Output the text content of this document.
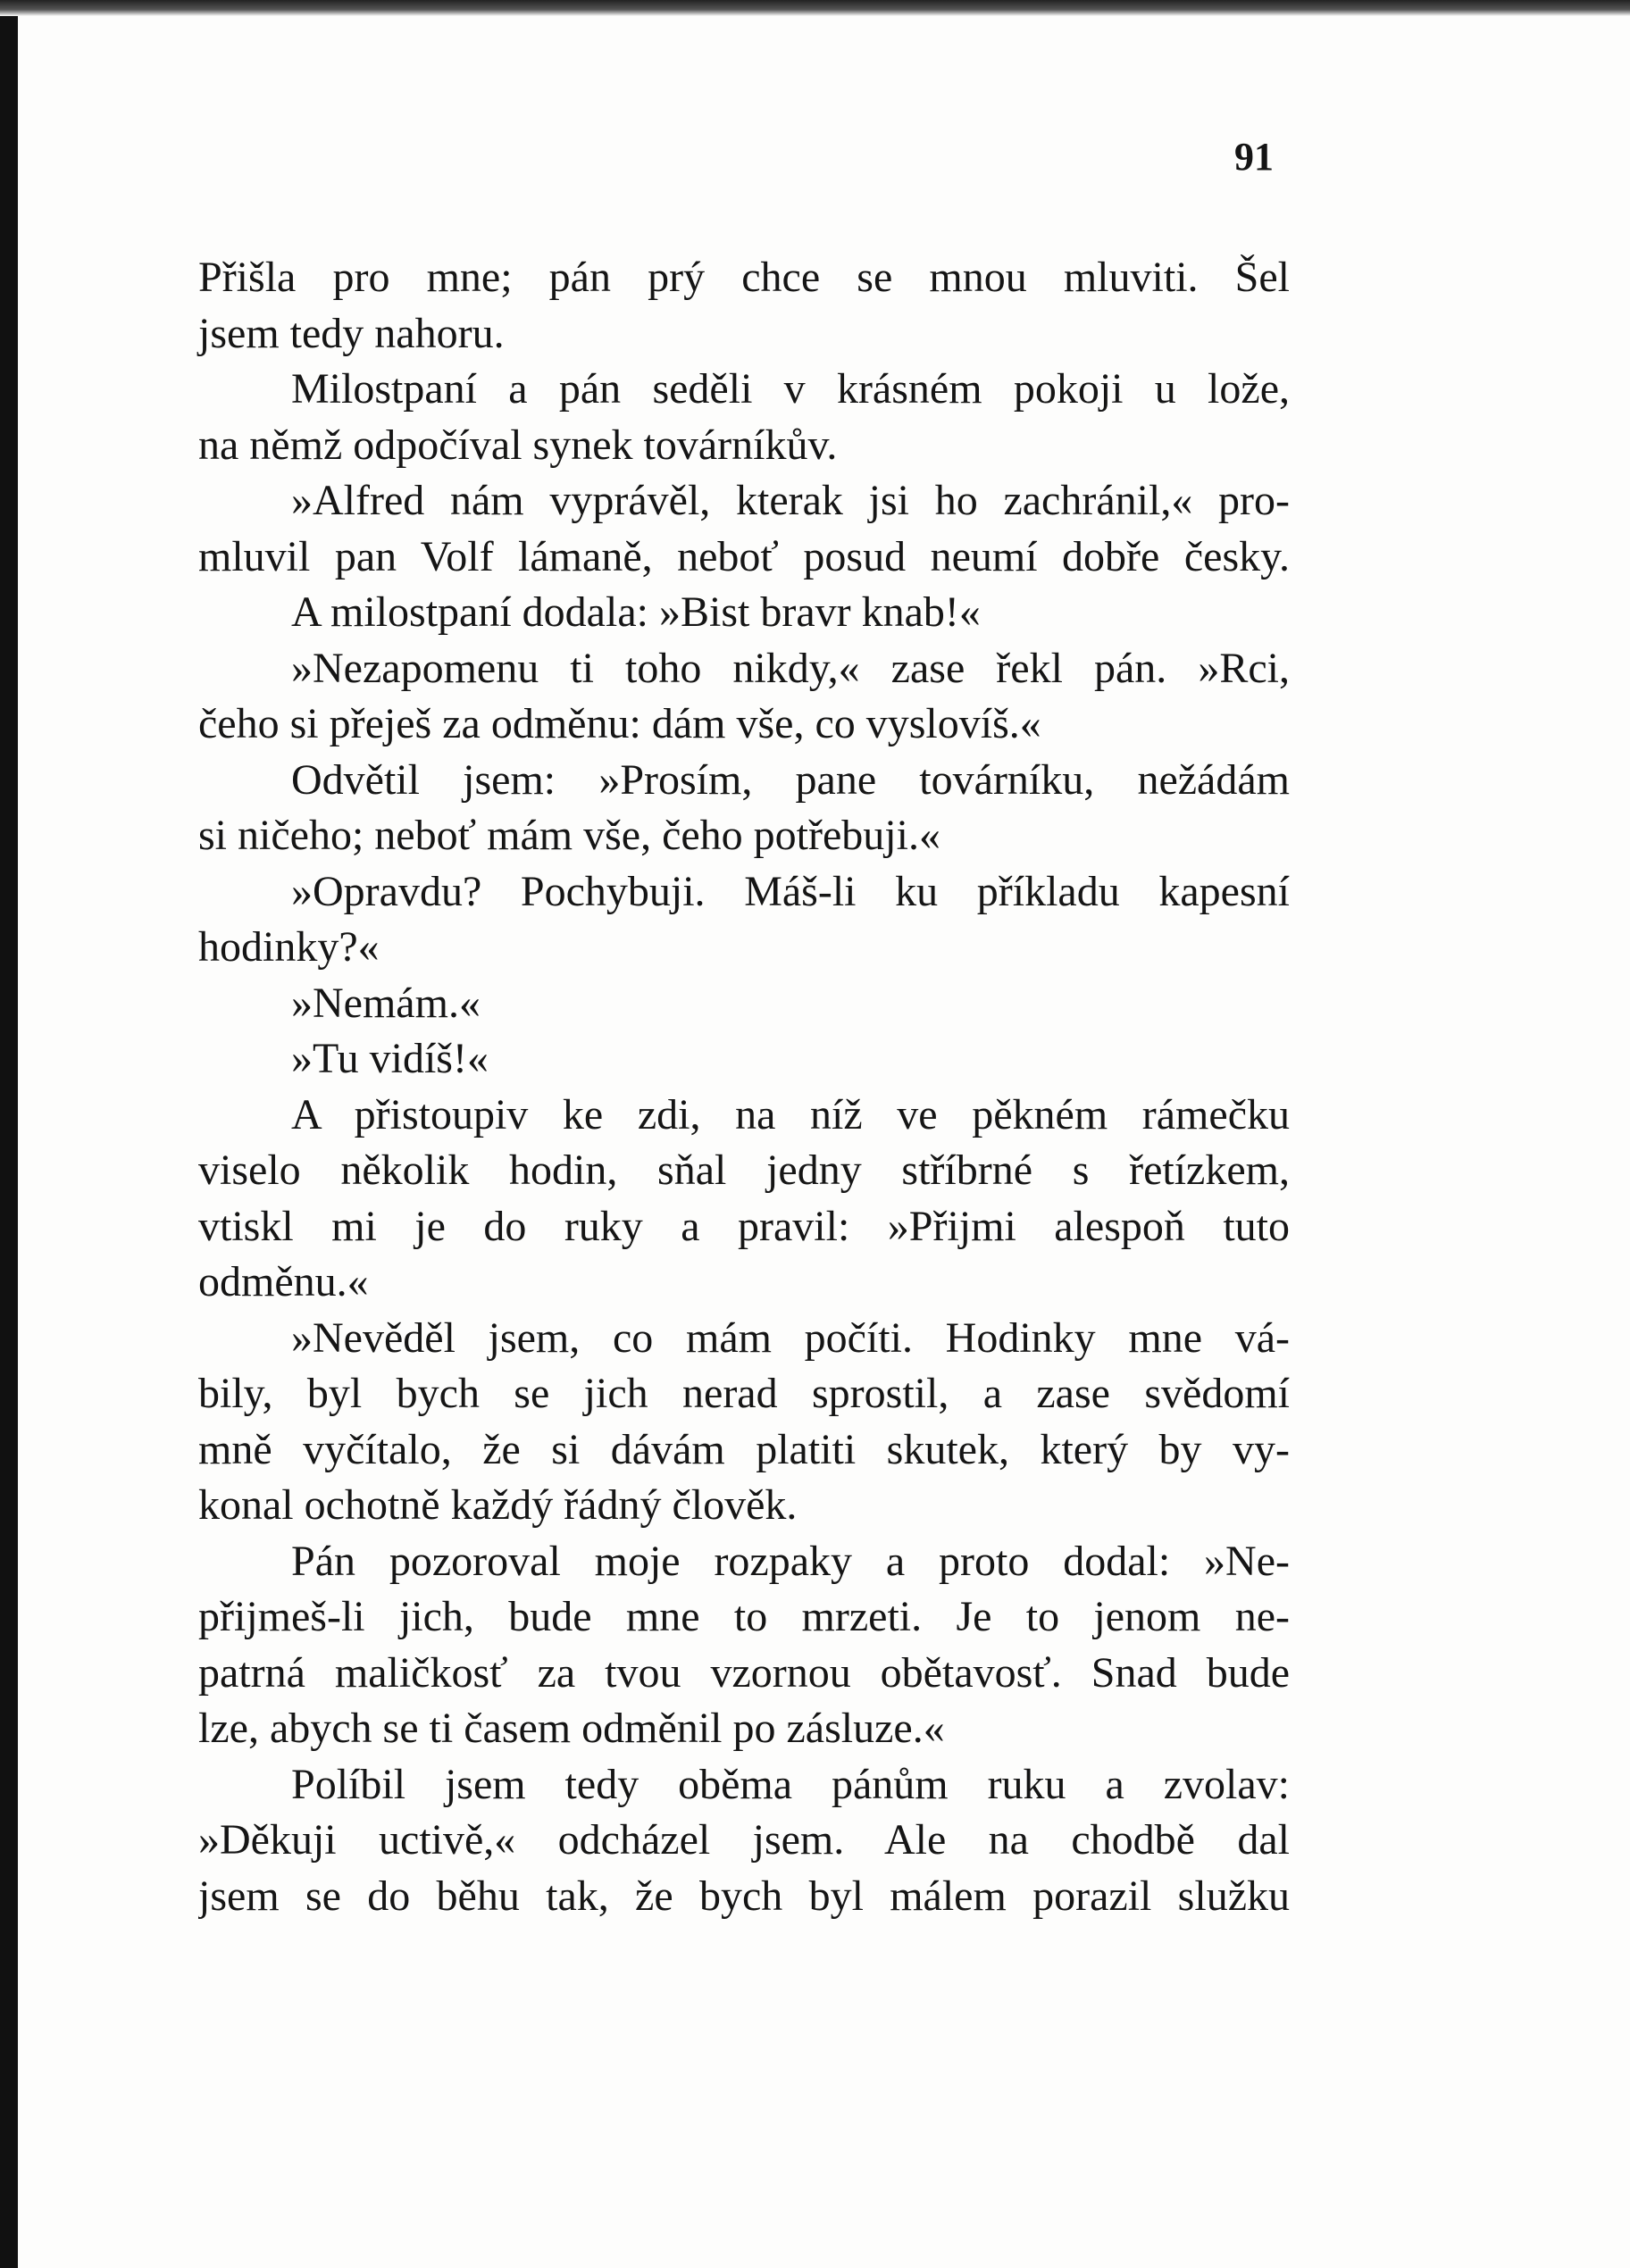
91
Přišla pro mne; pán prý chce se mnou mluviti. Šel
jsem tedy nahoru.
Milostpaní a pán seděli v krásném pokoji u lože,
na němž odpočíval synek továrníkův.
»Alfred nám vyprávěl, kterak jsi ho zachránil,« pro-
mluvil pan Volf lámaně, neboť posud neumí dobře česky.
A milostpaní dodala: »Bist bravr knab!«
»Nezapomenu ti toho nikdy,« zase řekl pán. »Rci,
čeho si přeješ za odměnu: dám vše, co vyslovíš.«
Odvětil jsem: »Prosím, pane továrníku, nežádám
si ničeho; neboť mám vše, čeho potřebuji.«
»Opravdu? Pochybuji. Máš-li ku příkladu kapesní
hodinky?«
»Nemám.«
»Tu vidíš!«
A přistoupiv ke zdi, na níž ve pěkném rámečku
viselo několik hodin, sňal jedny stříbrné s řetízkem,
vtiskl mi je do ruky a pravil: »Přijmi alespoň tuto
odměnu.«
»Nevěděl jsem, co mám počíti. Hodinky mne vá-
bily, byl bych se jich nerad sprostil, a zase svědomí
mně vyčítalo, že si dávám platiti skutek, který by vy-
konal ochotně každý řádný člověk.
Pán pozoroval moje rozpaky a proto dodal: »Ne-
přijmeš-li jich, bude mne to mrzeti. Je to jenom ne-
patrná maličkosť za tvou vzornou obětavosť. Snad bude
lze, abych se ti časem odměnil po zásluze.«
Políbil jsem tedy oběma pánům ruku a zvolav:
»Děkuji uctivě,« odcházel jsem. Ale na chodbě dal
jsem se do běhu tak, že bych byl málem porazil služku
